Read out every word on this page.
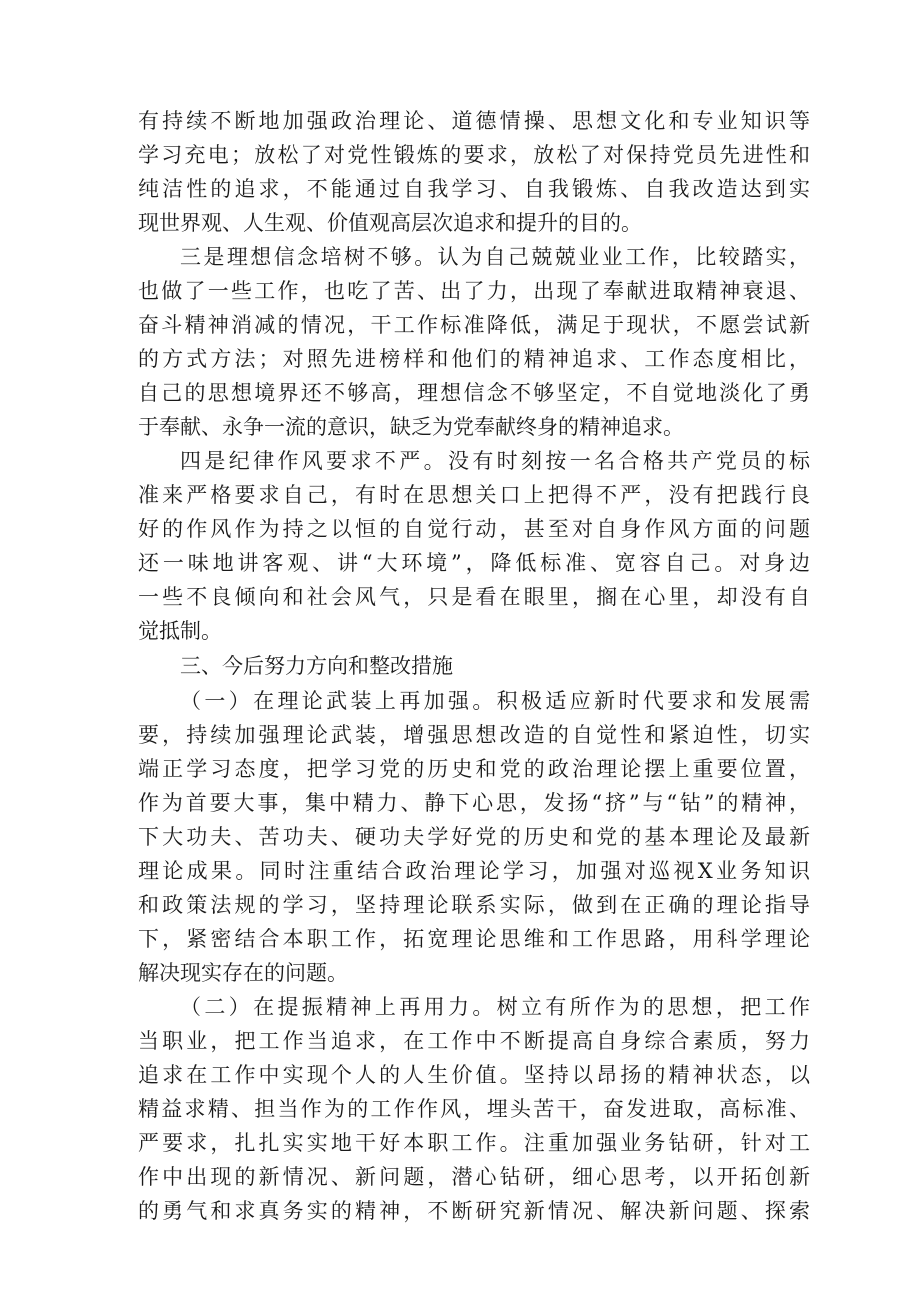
有持续不断地加强政治理论、道德情操、思想文化和专业知识等
学习充电；放松了对党性锻炼的要求，放松了对保持党员先进性和
纯洁性的追求，不能通过自我学习、自我锻炼、自我改造达到实
现世界观、人生观、价值观高层次追求和提升的目的。
三是理想信念培树不够。认为自己兢兢业业工作，比较踏实，
也做了一些工作，也吃了苦、出了力，出现了奉献进取精神衰退、
奋斗精神消减的情况，干工作标准降低，满足于现状，不愿尝试新
的方式方法；对照先进榜样和他们的精神追求、工作态度相比，
自己的思想境界还不够高，理想信念不够坚定，不自觉地淡化了勇
于奉献、永争一流的意识，缺乏为党奉献终身的精神追求。
四是纪律作风要求不严。没有时刻按一名合格共产党员的标
准来严格要求自己，有时在思想关口上把得不严，没有把践行良
好的作风作为持之以恒的自觉行动，甚至对自身作风方面的问题
还一味地讲客观、讲“大环境”，降低标准、宽容自己。对身边
一些不良倾向和社会风气，只是看在眼里，搁在心里，却没有自
觉抵制。
三、今后努力方向和整改措施
（一）在理论武装上再加强。积极适应新时代要求和发展需
要，持续加强理论武装，增强思想改造的自觉性和紧迫性，切实
端正学习态度，把学习党的历史和党的政治理论摆上重要位置，
作为首要大事，集中精力、静下心思，发扬“挤”与“钻”的精神，
下大功夫、苦功夫、硬功夫学好党的历史和党的基本理论及最新
理论成果。同时注重结合政治理论学习，加强对巡视X业务知识
和政策法规的学习，坚持理论联系实际，做到在正确的理论指导
下，紧密结合本职工作，拓宽理论思维和工作思路，用科学理论
解决现实存在的问题。
（二）在提振精神上再用力。树立有所作为的思想，把工作
当职业，把工作当追求，在工作中不断提高自身综合素质，努力
追求在工作中实现个人的人生价值。坚持以昂扬的精神状态，以
精益求精、担当作为的工作作风，埋头苦干，奋发进取，高标准、
严要求，扎扎实实地干好本职工作。注重加强业务钻研，针对工
作中出现的新情况、新问题，潜心钻研，细心思考，以开拓创新
的勇气和求真务实的精神，不断研究新情况、解决新问题、探索
